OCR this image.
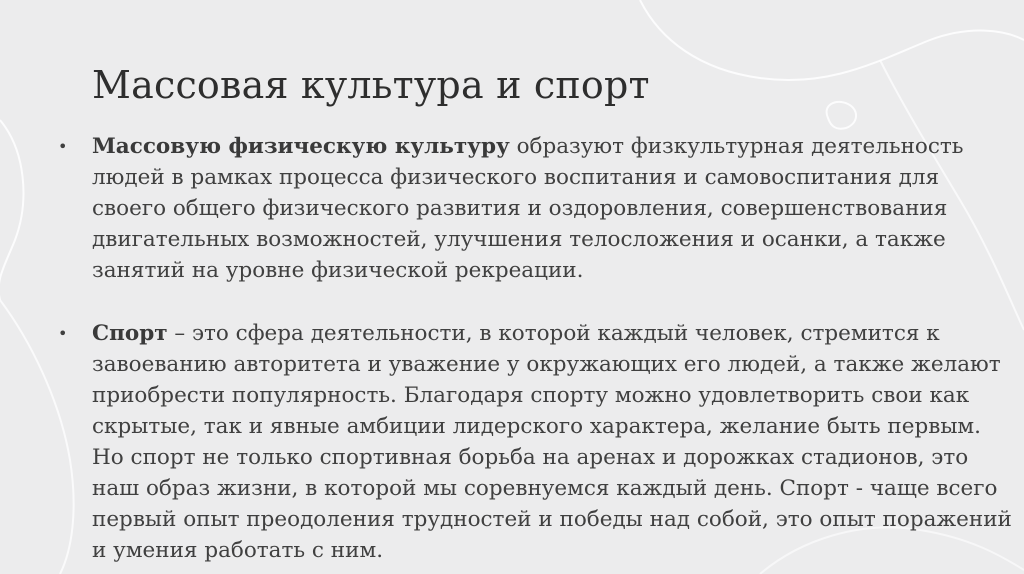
Массовая культура и спорт
• Массовую физическую культуру образуют физкультурная деятельность людей в рамках процесса физического воспитания и самовоспитания для своего общего физического развития и оздоровления, совершенствования двигательных возможностей, улучшения телосложения и осанки, а также занятий на уровне физической рекреации.
• Спорт – это сфера деятельности, в которой каждый человек, стремится к завоеванию авторитета и уважение у окружающих его людей, а также желают приобрести популярность. Благодаря спорту можно удовлетворить свои как скрытые, так и явные амбиции лидерского характера, желание быть первым. Но спорт не только спортивная борьба на аренах и дорожках стадионов, это наш образ жизни, в которой мы соревнуемся каждый день. Спорт - чаще всего первый опыт преодоления трудностей и победы над собой, это опыт поражений и умения работать с ним.
